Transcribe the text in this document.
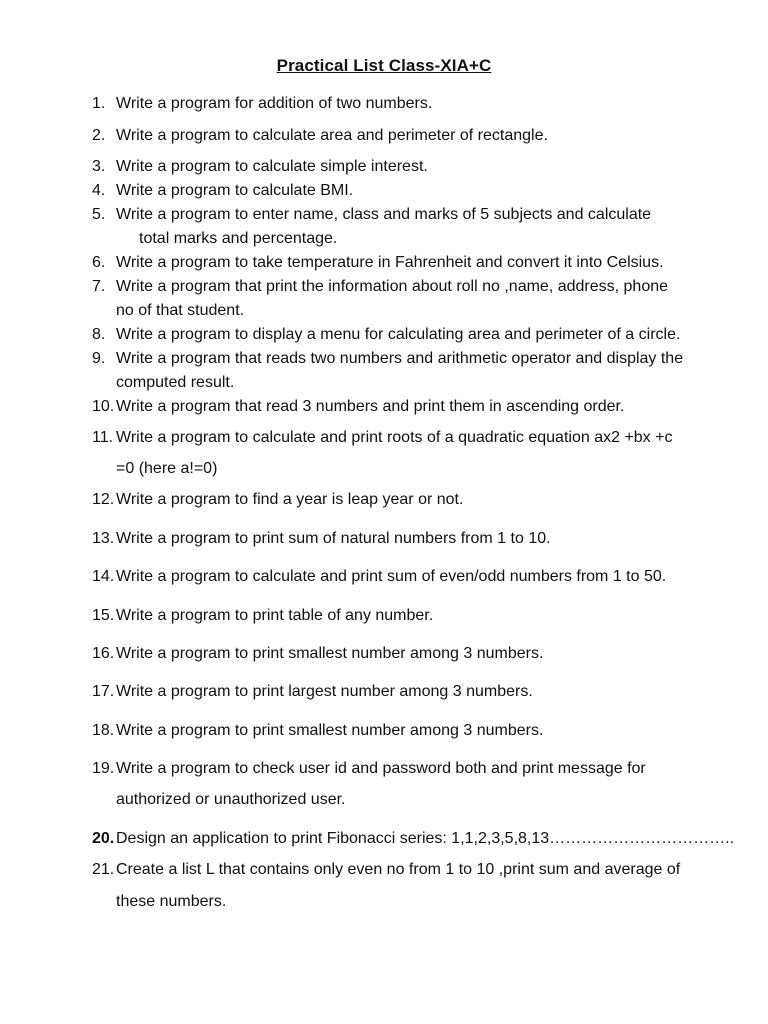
Practical List Class-XIA+C
1. Write a program for addition of two numbers.
2. Write a program to calculate area and perimeter of rectangle.
3. Write a program to calculate simple interest.
4. Write a program to calculate BMI.
5. Write a program to enter name, class and marks of 5 subjects and calculate
total marks and percentage.
6. Write a program to take temperature in Fahrenheit and convert it into Celsius.
7. Write a program that print the information about roll no ,name, address, phone
no of that student.
8. Write a program to display a menu for calculating area and perimeter of a circle.
9. Write a program that reads two numbers and arithmetic operator and display the
computed result.
10. Write a program that read 3 numbers and print them in ascending order.
11. Write a program to calculate and print roots of a quadratic equation ax2 +bx +c
=0 (here a!=0)
12. Write a program to find a year is leap year or not.
13. Write a program to print sum of natural numbers from 1 to 10.
14. Write a program to calculate and print sum of even/odd numbers from 1 to 50.
15. Write a program to print table of any number.
16. Write a program to print smallest number among 3 numbers.
17. Write a program to print largest number among 3 numbers.
18. Write a program to print smallest number among 3 numbers.
19. Write a program to check user id and password both and print message for
authorized or unauthorized user.
20. Design an application to print Fibonacci series: 1,1,2,3,5,8,13……………………………..
21. Create a list L that contains only even no from 1 to 10 ,print sum and average of
these numbers.
